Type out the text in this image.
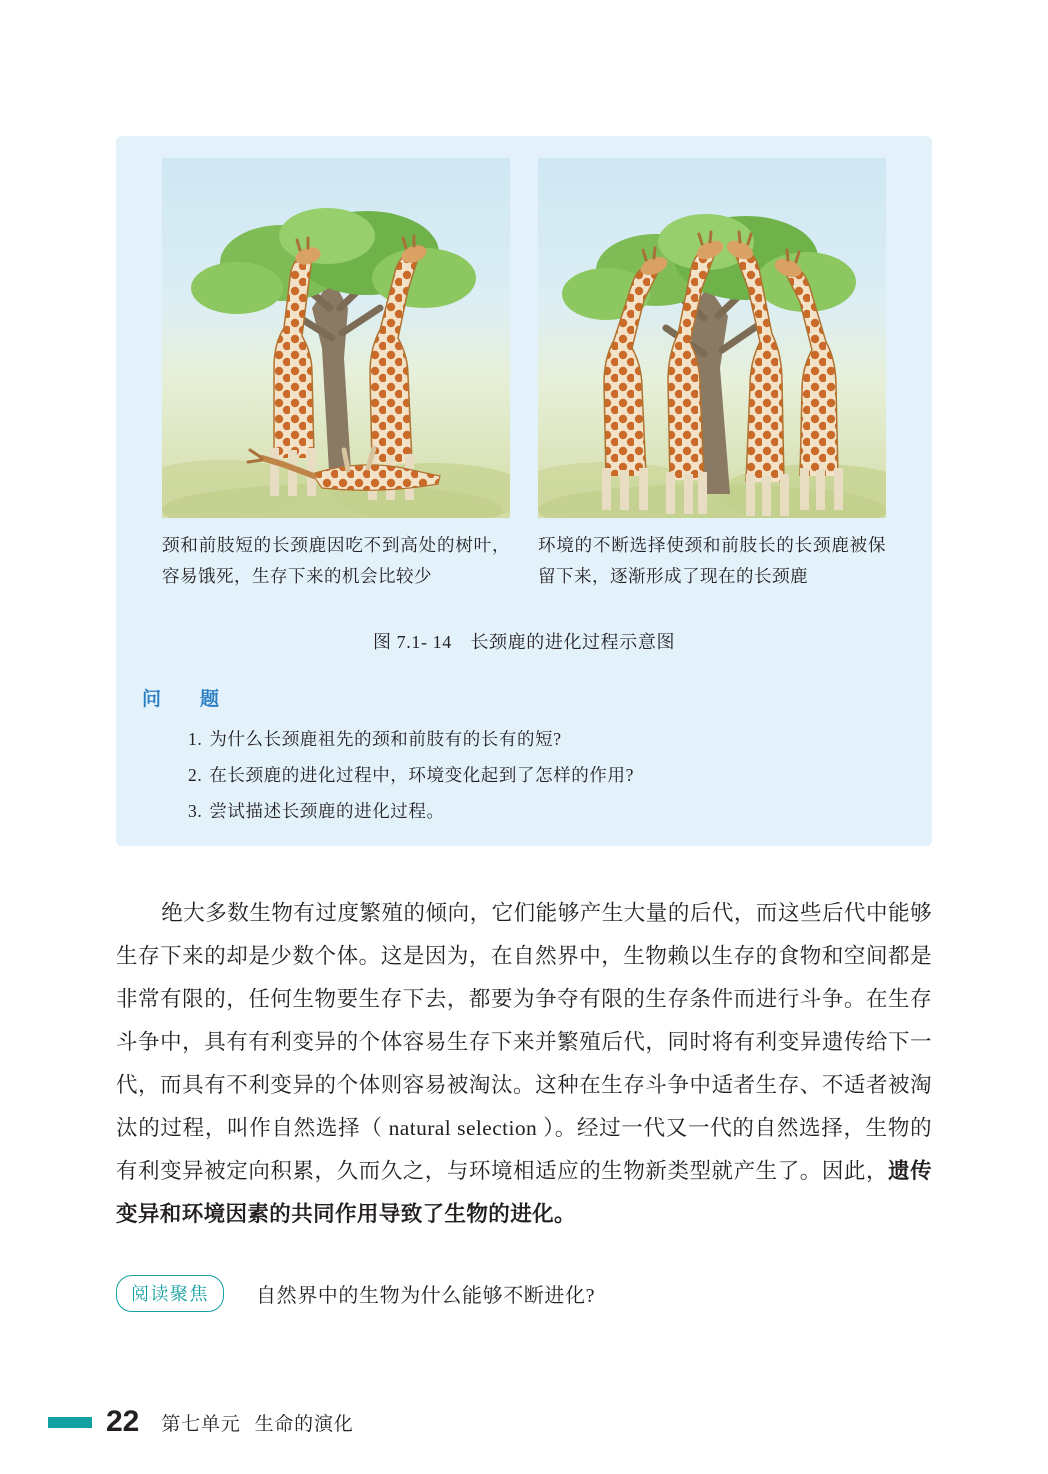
颈和前肢短的长颈鹿因吃不到高处的树叶，容易饿死，生存下来的机会比较少
环境的不断选择使颈和前肢长的长颈鹿被保留下来，逐渐形成了现在的长颈鹿
图 7.1- 14　长颈鹿的进化过程示意图
问　题
1. 为什么长颈鹿祖先的颈和前肢有的长有的短?
2. 在长颈鹿的进化过程中，环境变化起到了怎样的作用?
3. 尝试描述长颈鹿的进化过程。
绝大多数生物有过度繁殖的倾向，它们能够产生大量的后代，而这些后代中能够生存下来的却是少数个体。这是因为，在自然界中，生物赖以生存的食物和空间都是非常有限的，任何生物要生存下去，都要为争夺有限的生存条件而进行斗争。在生存斗争中，具有有利变异的个体容易生存下来并繁殖后代，同时将有利变异遗传给下一代，而具有不利变异的个体则容易被淘汰。这种在生存斗争中适者生存、不适者被淘汰的过程，叫作自然选择（ natural selection ）。经过一代又一代的自然选择，生物的有利变异被定向积累，久而久之，与环境相适应的生物新类型就产生了。因此，遗传变异和环境因素的共同作用导致了生物的进化。
阅读聚焦	自然界中的生物为什么能够不断进化?
22 第七单元 生命的演化
